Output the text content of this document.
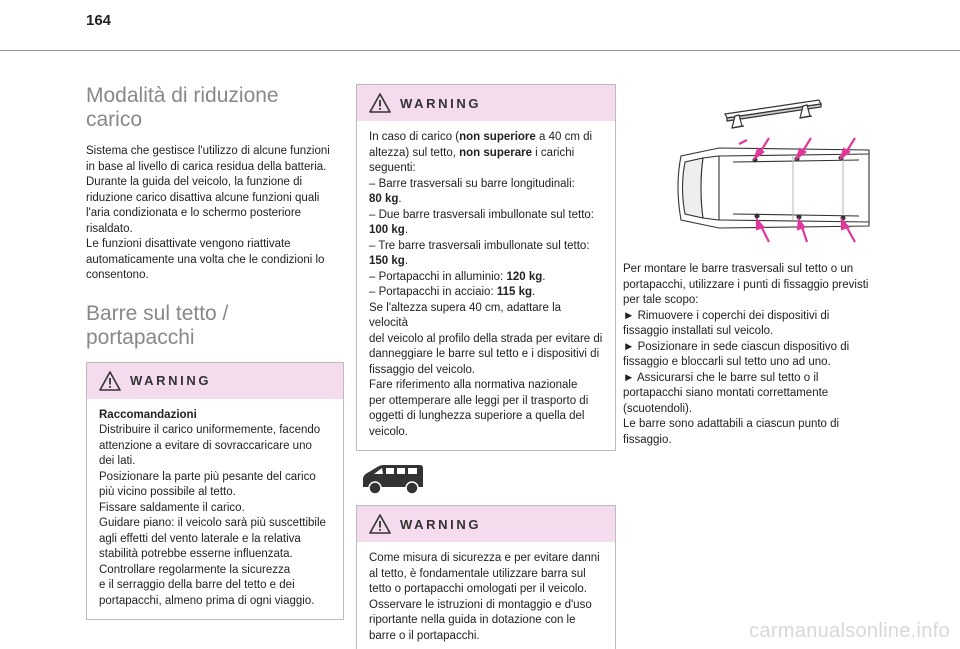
164
Modalità di riduzione
carico

Sistema che gestisce l'utilizzo di alcune funzioni

in base al livello di carica residua della batteria.

Durante la guida del veicolo, la funzione di

riduzione carico disattiva alcune funzioni quali

l'aria condizionata e lo schermo posteriore

risaldato.

Le funzioni disattivate vengono riattivate

automaticamente una volta che le condizioni lo

consentono.

Barre sul tetto /
portapacchi
WARNING

Raccomandazioni

Distribuire il carico uniformemente, facendo

attenzione a evitare di sovraccaricare uno

dei lati.

Posizionare la parte più pesante del carico

più vicino possibile al tetto.

Fissare saldamente il carico.

Guidare piano: il veicolo sarà più suscettibile

agli effetti del vento laterale e la relativa

stabilità potrebbe esserne influenzata.

Controllare regolarmente la sicurezza

e il serraggio della barre del tetto e dei

portapacchi, almeno prima di ogni viaggio.

WARNING

In caso di carico (non superiore a 40 cm di

altezza) sul tetto, non superare i carichi

seguenti:

– Barre trasversali su barre longitudinali:

80 kg.

– Due barre trasversali imbullonate sul tetto:

100 kg.

– Tre barre trasversali imbullonate sul tetto:

150 kg.

– Portapacchi in alluminio: 120 kg.

– Portapacchi in acciaio: 115 kg.

Se l'altezza supera 40 cm, adattare la velocità

del veicolo al profilo della strada per evitare di

danneggiare le barre sul tetto e i dispositivi di

fissaggio del veicolo.

Fare riferimento alla normativa nazionale

per ottemperare alle leggi per il trasporto di

oggetti di lunghezza superiore a quella del

veicolo.

WARNING

Come misura di sicurezza e per evitare danni

al tetto, è fondamentale utilizzare barra sul

tetto o portapacchi omologati per il veicolo.

Osservare le istruzioni di montaggio e d'uso

riportante nella guida in dotazione con le

barre o il portapacchi.

Per montare le barre trasversali sul tetto o un

portapacchi, utilizzare i punti di fissaggio previsti

per tale scopo:

► Rimuovere i coperchi dei dispositivi di

fissaggio installati sul veicolo.

► Posizionare in sede ciascun dispositivo di

fissaggio e bloccarli sul tetto uno ad uno.

► Assicurarsi che le barre sul tetto o il

portapacchi siano montati correttamente

(scuotendoli).

Le barre sono adattabili a ciascun punto di

fissaggio.

carmanualsonline.info
